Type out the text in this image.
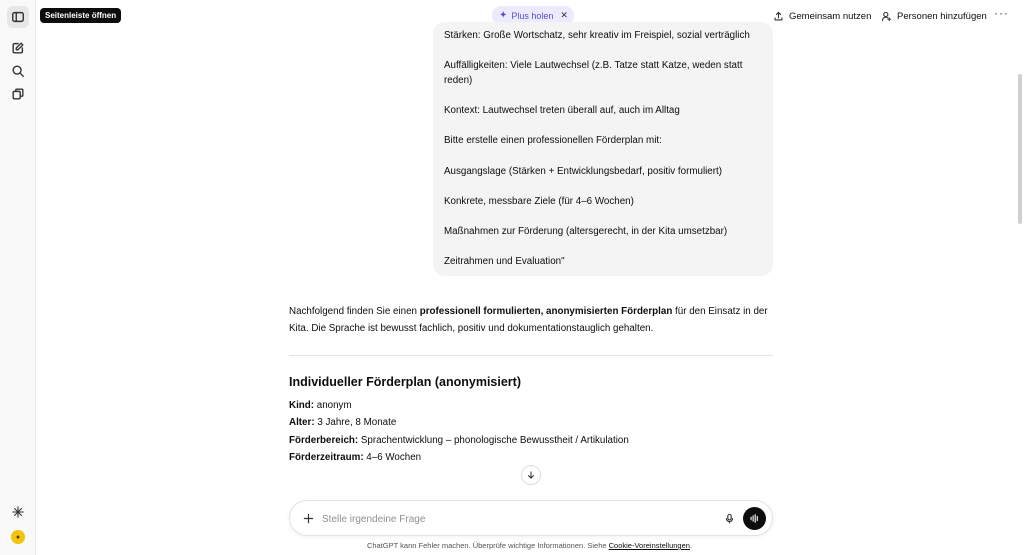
●
Seitenleiste öffnen	✦ Plus holen ✕	Gemeinsam nutzen	Personen hinzufügen ···

Stärken: Große Wortschatz, sehr kreativ im Freispiel, sozial verträglich

Auffälligkeiten: Viele Lautwechsel (z.B. Tatze statt Katze, weden statt reden)

Kontext: Lautwechsel treten überall auf, auch im Alltag

Bitte erstelle einen professionellen Förderplan mit:

Ausgangslage (Stärken + Entwicklungsbedarf, positiv formuliert)

Konkrete, messbare Ziele (für 4–6 Wochen)

Maßnahmen zur Förderung (altersgerecht, in der Kita umsetzbar)

Zeitrahmen und Evaluation"

Nachfolgend finden Sie einen professionell formulierten, anonymisierten Förderplan für den Einsatz in der Kita. Die Sprache ist bewusst fachlich, positiv und dokumentationstauglich gehalten.

Individueller Förderplan (anonymisiert)
Kind: anonym
Alter: 3 Jahre, 8 Monate
Förderbereich: Sprachentwicklung – phonologische Bewusstheit / Artikulation
Förderzeitraum: 4–6 Wochen
Stelle irgendeine Frage
ChatGPT kann Fehler machen. Überprüfe wichtige Informationen. Siehe Cookie-Voreinstellungen.
